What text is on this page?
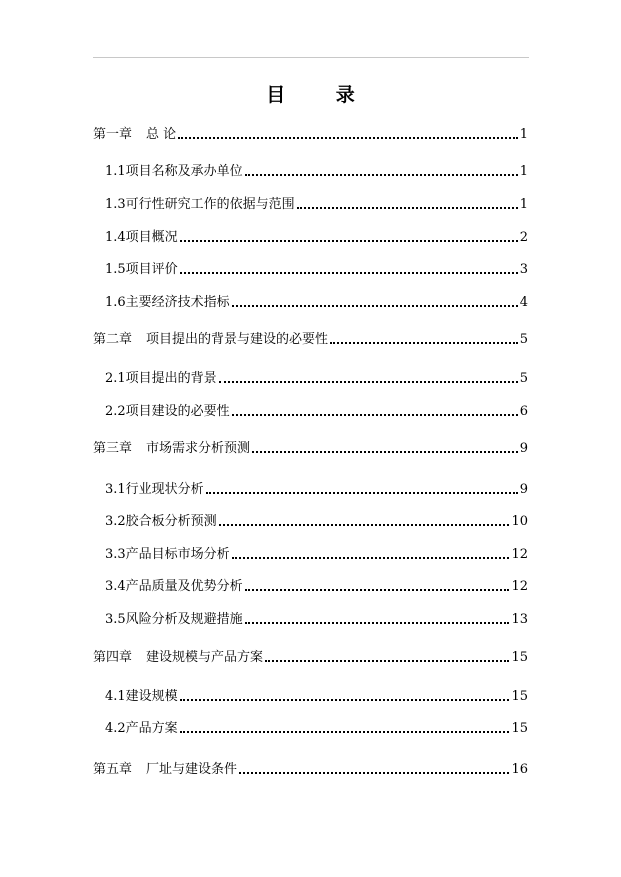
目 录
第一章 总 论	1
1.1项目名称及承办单位	1
1.3可行性研究工作的依据与范围	1
1.4项目概况	2
1.5项目评价	3
1.6主要经济技术指标	4
第二章 项目提出的背景与建设的必要性	5
2.1项目提出的背景	5
2.2项目建设的必要性	6
第三章 市场需求分析预测	9
3.1行业现状分析	9
3.2胶合板分析预测	10
3.3产品目标市场分析	12
3.4产品质量及优势分析	12
3.5风险分析及规避措施	13
第四章 建设规模与产品方案	15
4.1建设规模	15
4.2产品方案	15
第五章 厂址与建设条件	16
